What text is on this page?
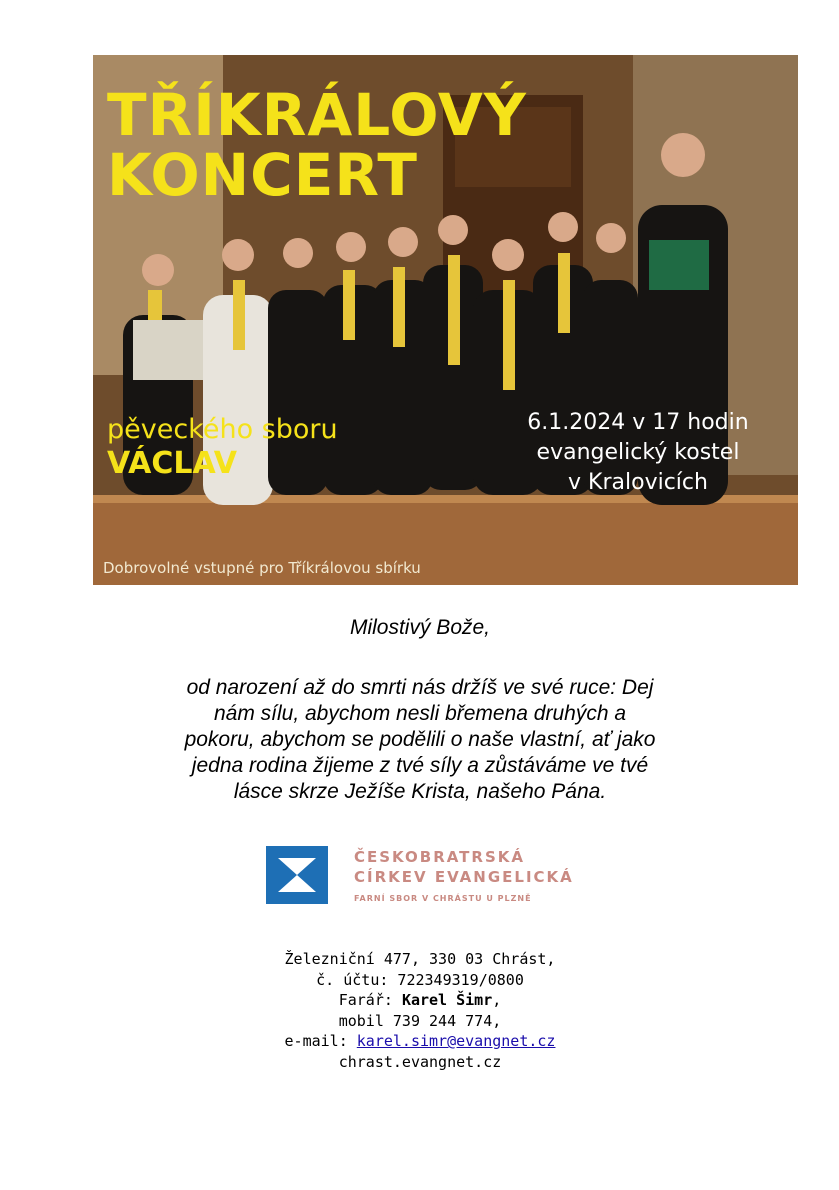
TŘÍKRÁLOVÝ
KONCERT
pěveckého sboru
VÁCLAV
6.1.2024 v 17 hodin
evangelický kostel
v Kralovicích
Dobrovolné vstupné pro Tříkrálovou sbírku
Milostivý Bože,
od narození až do smrti nás držíš ve své ruce: Dej
nám sílu, abychom nesli břemena druhých a
pokoru, abychom se podělili o naše vlastní, ať jako
jedna rodina žijeme z tvé síly a zůstáváme ve tvé
lásce skrze Ježíše Krista, našeho Pána.
ČESKOBRATRSKÁ
CÍRKEV EVANGELICKÁ
FARNÍ SBOR V CHRÁSTU U PLZNĚ
Železniční 477, 330 03 Chrást,
č. účtu: 722349319/0800
Farář: Karel Šimr,
mobil 739 244 774,
e-mail: karel.simr@evangnet.cz
chrast.evangnet.cz
